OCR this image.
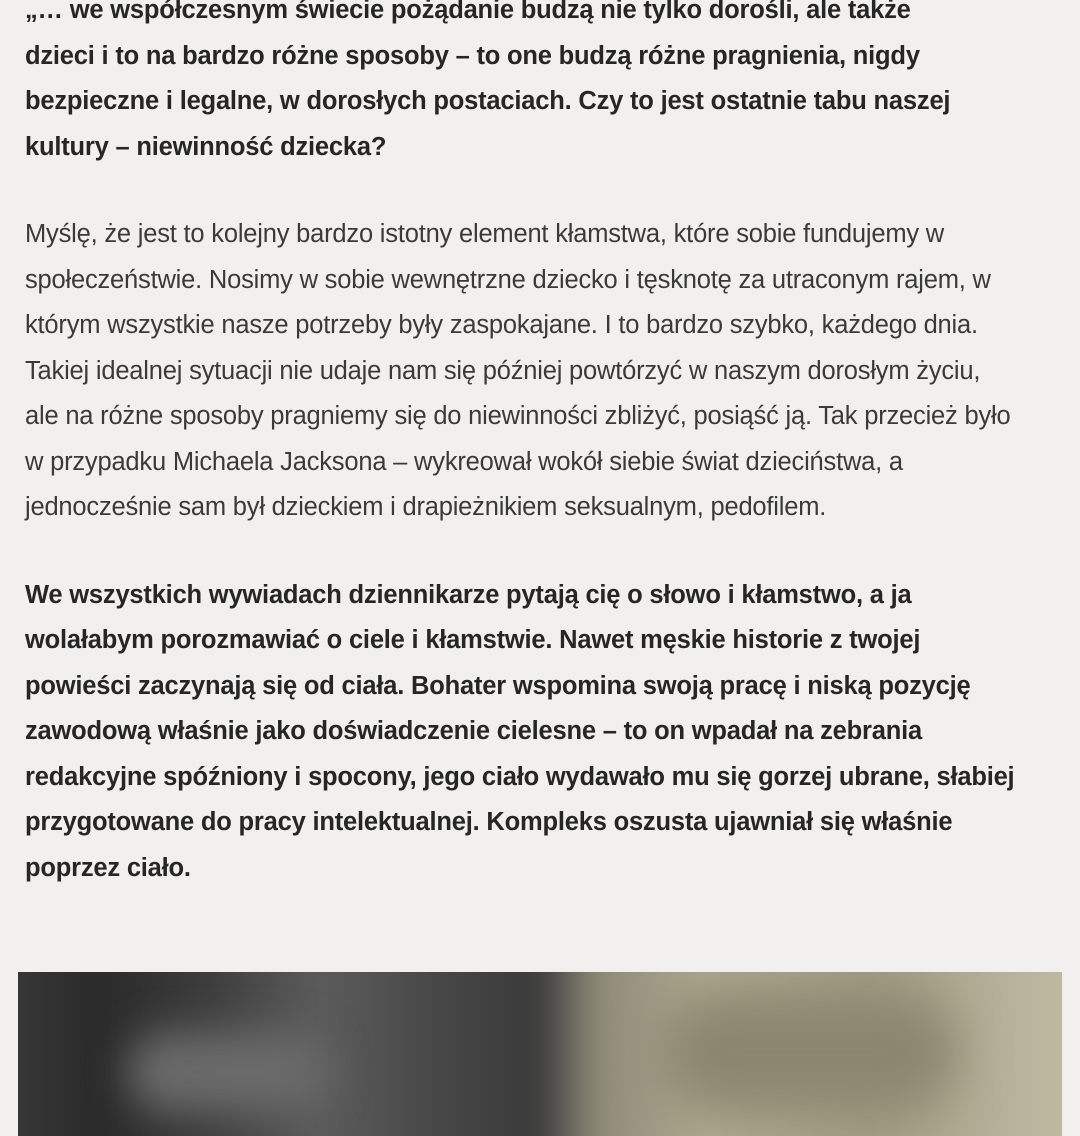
„… we współczesnym świecie pożądanie budzą nie tylko dorośli, ale także
dzieci i to na bardzo różne sposoby – to one budzą różne pragnienia, nigdy
bezpieczne i legalne, w dorosłych postaciach. Czy to jest ostatnie tabu naszej
kultury – niewinność dziecka?

Myślę, że jest to kolejny bardzo istotny element kłamstwa, które sobie fundujemy w
społeczeństwie. Nosimy w sobie wewnętrzne dziecko i tęsknotę za utraconym rajem, w
którym wszystkie nasze potrzeby były zaspokajane. I to bardzo szybko, każdego dnia.
Takiej idealnej sytuacji nie udaje nam się później powtórzyć w naszym dorosłym życiu,
ale na różne sposoby pragniemy się do niewinności zbliżyć, posiąść ją. Tak przecież było
w przypadku Michaela Jacksona – wykreował wokół siebie świat dzieciństwa, a
jednocześnie sam był dzieckiem i drapieżnikiem seksualnym, pedofilem.

We wszystkich wywiadach dziennikarze pytają cię o słowo i kłamstwo, a ja
wolałabym porozmawiać o ciele i kłamstwie. Nawet męskie historie z twojej
powieści zaczynają się od ciała. Bohater wspomina swoją pracę i niską pozycję
zawodową właśnie jako doświadczenie cielesne – to on wpadał na zebrania
redakcyjne spóźniony i spocony, jego ciało wydawało mu się gorzej ubrane, słabiej
przygotowane do pracy intelektualnej. Kompleks oszusta ujawniał się właśnie
poprzez ciało.
